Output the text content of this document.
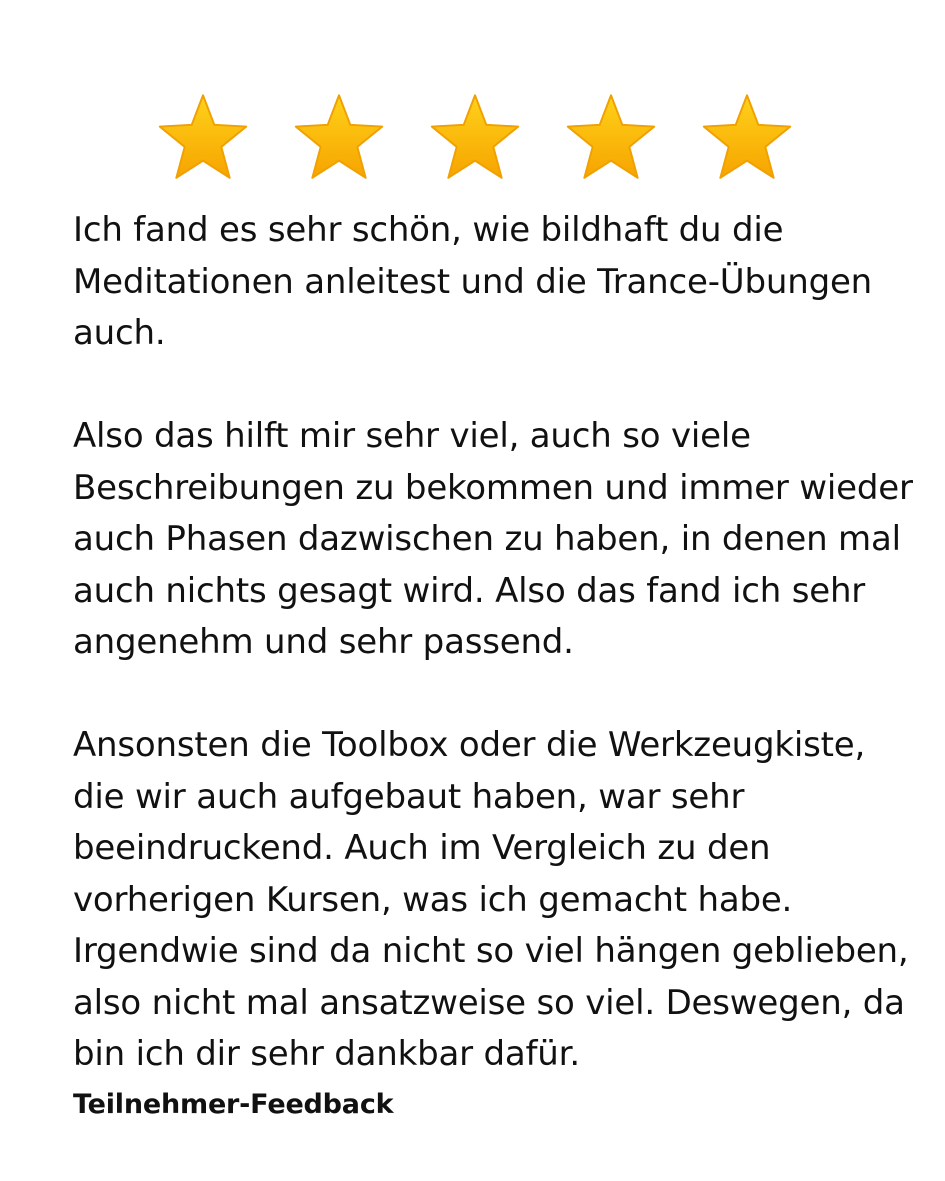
Ich fand es sehr schön, wie bildhaft du die Meditationen anleitest und die Trance-Übungen auch.

Also das hilft mir sehr viel, auch so viele Beschreibungen zu bekommen und immer wieder auch Phasen dazwischen zu haben, in denen mal auch nichts gesagt wird. Also das fand ich sehr angenehm und sehr passend.

Ansonsten die Toolbox oder die Werkzeugkiste, die wir auch aufgebaut haben, war sehr beeindruckend. Auch im Vergleich zu den vorherigen Kursen, was ich gemacht habe. Irgendwie sind da nicht so viel hängen geblieben, also nicht mal ansatzweise so viel. Deswegen, da bin ich dir sehr dankbar dafür.

Teilnehmer-Feedback
